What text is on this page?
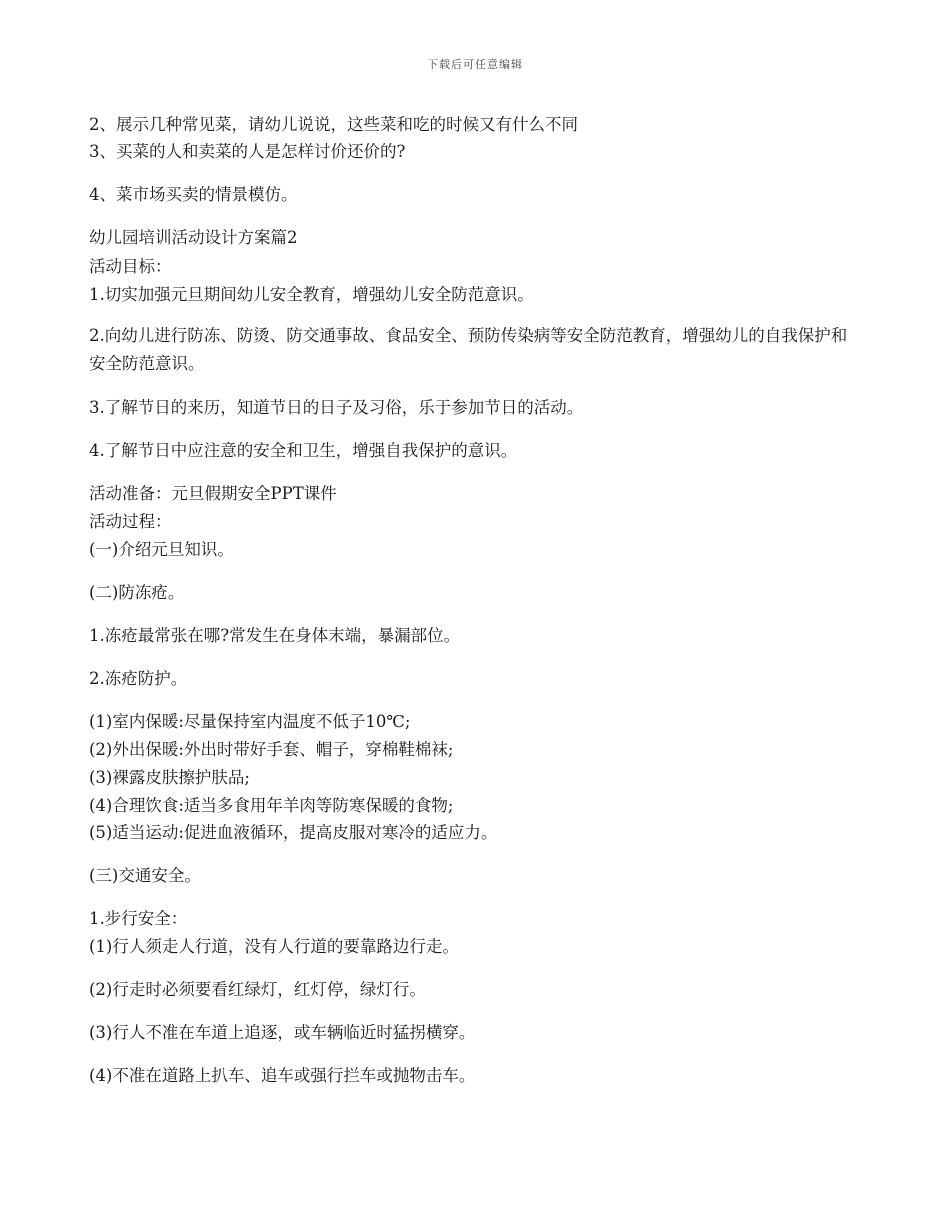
下载后可任意编辑
2、展示几种常见菜，请幼儿说说，这些菜和吃的时候又有什么不同
3、买菜的人和卖菜的人是怎样讨价还价的?
4、菜市场买卖的情景模仿。
幼儿园培训活动设计方案篇2
活动目标：
1.切实加强元旦期间幼儿安全教育，增强幼儿安全防范意识。
2.向幼儿进行防冻、防烫、防交通事故、食品安全、预防传染病等安全防范教育，增强幼儿的自我保护和安全防范意识。
3.了解节日的来历，知道节日的日子及习俗，乐于参加节日的活动。
4.了解节日中应注意的安全和卫生，增强自我保护的意识。
活动准备：元旦假期安全PPT课件
活动过程：
(一)介绍元旦知识。
(二)防冻疮。
1.冻疮最常张在哪?常发生在身体末端，暴漏部位。
2.冻疮防护。
(1)室内保暖:尽量保持室内温度不低子10℃;
(2)外出保暖:外出时带好手套、帽子，穿棉鞋棉袜;
(3)裸露皮肤擦护肤品;
(4)合理饮食:适当多食用年羊肉等防寒保暖的食物;
(5)适当运动:促进血液循环，提高皮服对寒冷的适应力。
(三)交通安全。
1.步行安全：
(1)行人须走人行道，没有人行道的要靠路边行走。
(2)行走时必须要看红绿灯，红灯停，绿灯行。
(3)行人不准在车道上追逐，或车辆临近时猛拐横穿。
(4)不准在道路上扒车、追车或强行拦车或抛物击车。
